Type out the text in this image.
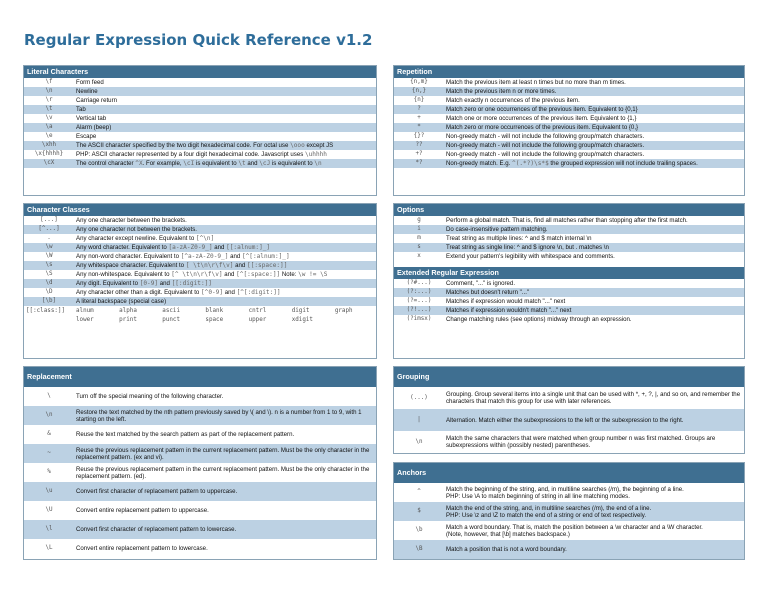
Regular Expression Quick Reference v1.2
Literal Characters
\f	Form feed
\n	Newline
\r	Carriage return
\t	Tab
\v	Vertical tab
\a	Alarm (beep)
\e	Escape
\xhh	The ASCII character specified by the two digit hexadecimal code. For octal use \ooo except JS
\x{hhhh}	PHP: ASCII character represented by a four digit hexadecimal code. Javascript uses \uhhhh
\cX	The control character ^X. For example, \cI is equivalent to \t and \cJ is equivalent to \n
Character Classes
[...]	Any one character between the brackets.
[^...]	Any one character not between the brackets.
.	Any character except newline. Equivalent to [^\n]
\w	Any word character. Equivalent to [a-zA-Z0-9_] and [[:alnum:]_]
\W	Any non-word character. Equivalent to [^a-zA-Z0-9_] and [^[:alnum:]_]
\s	Any whitespace character. Equivalent to [ \t\n\r\f\v] and [[:space:]]
\S	Any non-whitespace. Equivalent to [^ \t\n\r\f\v] and [^[:space:]] Note: \w != \S
\d	Any digit. Equivalent to [0-9] and [[:digit:]]
\D	Any character other than a digit. Equivalent to [^0-9] and [^[:digit:]]
[\b]	A literal backspace (special case)
[[:class:]]	alnum	alpha	ascii	blank	cntrl	digit	graph
	lower	print	punct	space	upper	xdigit	
Replacement
\	Turn off the special meaning of the following character.
\n	Restore the text matched by the nth pattern previously saved by \( and \). n is a number from 1 to 9, with 1 starting on the left.
&	Reuse the text matched by the search pattern as part of the replacement pattern.
~	Reuse the previous replacement pattern in the current replacement pattern. Must be the only character in the replacement pattern. (ex and vi).
%	Reuse the previous replacement pattern in the current replacement pattern. Must be the only character in the replacement pattern. (ed).
\u	Convert first character of replacement pattern to uppercase.
\U	Convert entire replacement pattern to uppercase.
\l	Convert first character of replacement pattern to lowercase.
\L	Convert entire replacement pattern to lowercase.
Repetition
{n,m}	Match the previous item at least n times but no more than m times.
{n,}	Match the previous item n or more times.
{n}	Match exactly n occurrences of the previous item.
?	Match zero or one occurrences of the previous item. Equivalent to {0,1}
+	Match one or more occurrences of the previous item. Equivalent to {1,}
*	Match zero or more occurrences of the previous item. Equivalent to {0,}
{}?	Non-greedy match - will not include the following group/match characters.
??	Non-greedy match - will not include the following group/match characters.
+?	Non-greedy match - will not include the following group/match characters.
*?	Non-greedy match. E.g. ^(.*?)\s*$ the grouped expression will not include trailing spaces.
Options
g	Perform a global match. That is, find all matches rather than stopping after the first match.
i	Do case-insensitive pattern matching.
m	Treat string as multiple lines: ^ and $ match internal \n
s	Treat string as single line: ^ and $ ignore \n, but . matches \n
x	Extend your pattern's legibility with whitespace and comments.
Extended Regular Expression
(?#...)	Comment, "..." is ignored.
(?:...)	Matches but doesn't return "..."
(?=...)	Matches if expression would match "..." next
(?!...)	Matches if expression wouldn't match "..." next
(?imsx)	Change matching rules (see options) midway through an expression.
Grouping
(...)	Grouping. Group several items into a single unit that can be used with *, +, ?, |, and so on, and remember the characters that match this group for use with later references.
|	Alternation. Match either the subexpressions to the left or the subexpression to the right.
\n	Match the same characters that were matched when group number n was first matched. Groups are subexpressions within (possibly nested) parentheses.
Anchors
^	Match the beginning of the string, and, in multiline searches (/m), the beginning of a line.
PHP: Use \A to match beginning of string in all line matching modes.

$	Match the end of the string, and, in multiline searches (/m), the end of a line.
PHP: Use \z and \Z to match the end of a string or end of text respectively.

\b	Match a word boundary. That is, match the position between a \w character and a \W character.
(Note, however, that [\b] matches backspace.)

\B	Match a position that is not a word boundary.
